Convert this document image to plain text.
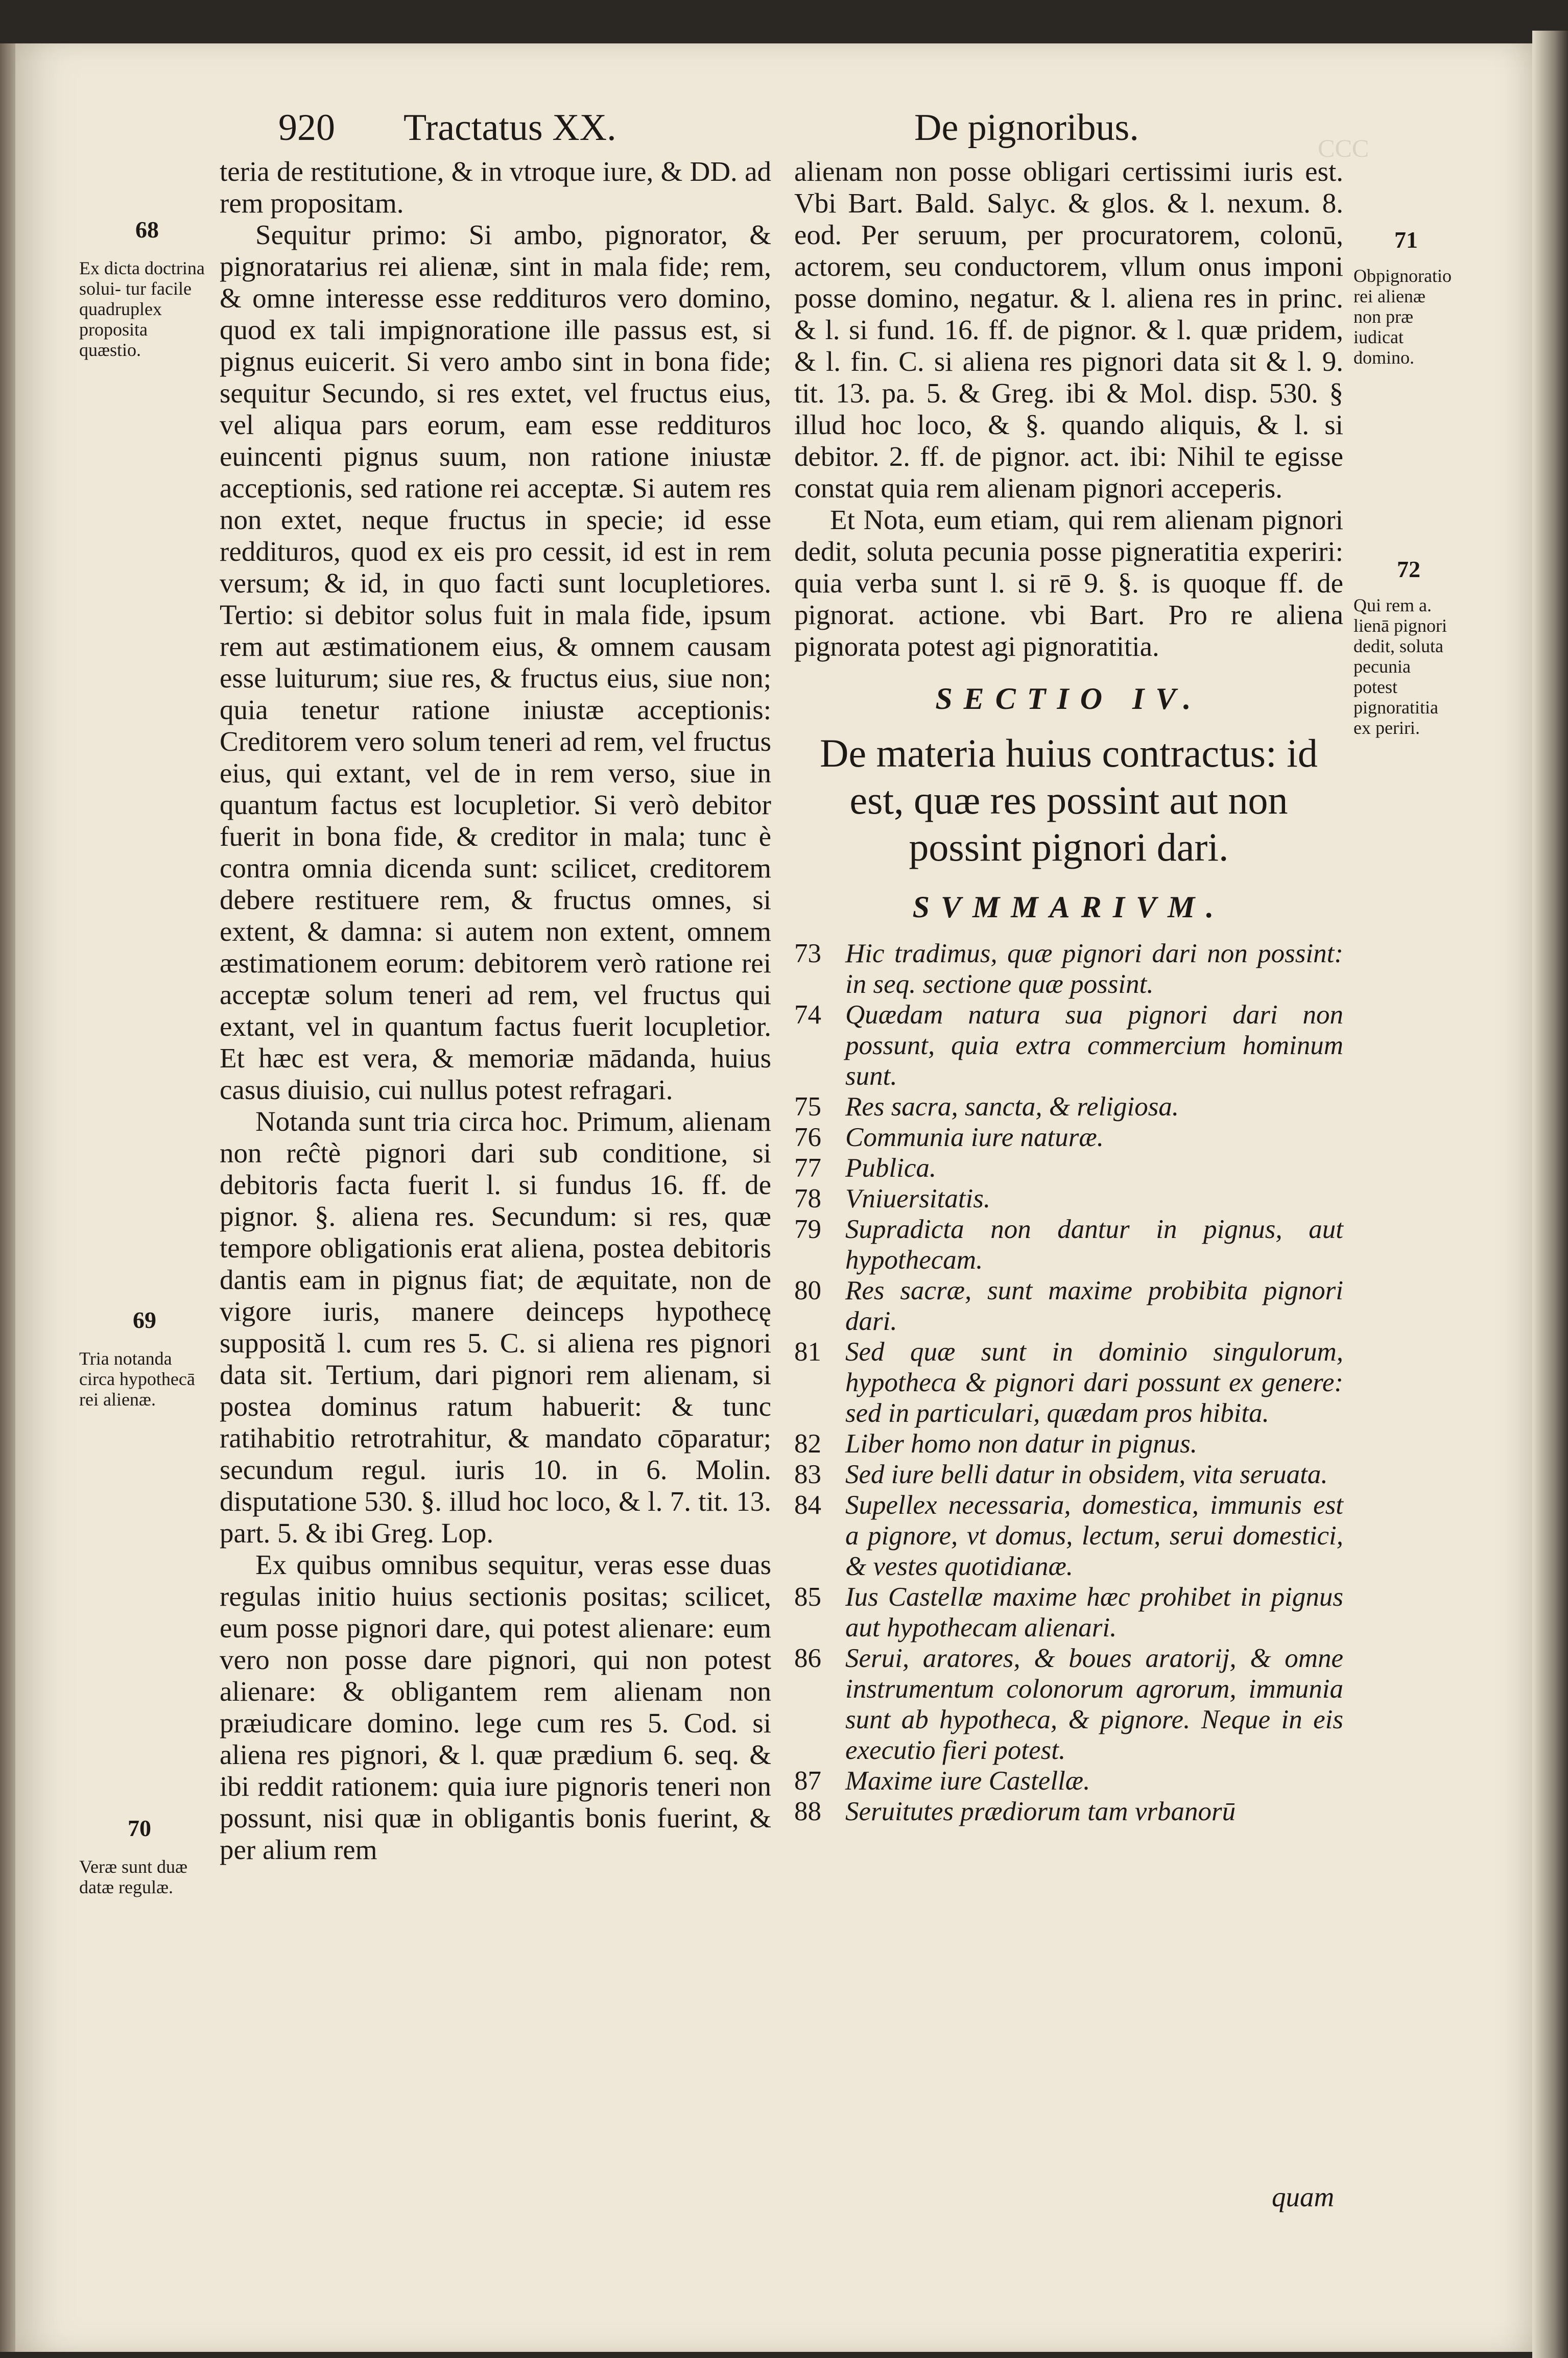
ϹϹϹ
920 Tractatus XX.	De pignoribus.
68
Ex dicta doctrina solui- tur facile quadruplex proposita quæstio.
69
Tria notanda circa hypothecā rei alienæ.
70
Veræ sunt duæ datæ regulæ.

teria de restitutione, & in vtroque iure, & DD. ad rem propositam.

Sequitur primo: Si ambo, pignorator, & pignoratarius rei alienæ, sint in mala fide; rem, & omne interesse esse reddituros vero domino, quod ex tali impignoratione ille passus est, si pignus euicerit. Si vero ambo sint in bona fide; sequitur Secundo, si res extet, vel fructus eius, vel aliqua pars eorum, eam esse reddituros euincenti pignus suum, non ratione iniustæ acceptionis, sed ratione rei acceptæ. Si autem res non extet, neque fructus in specie; id esse reddituros, quod ex eis pro cessit, id est in rem versum; & id, in quo facti sunt locupletiores. Tertio: si debitor solus fuit in mala fide, ipsum rem aut æstimationem eius, & omnem causam esse luiturum; siue res, & fructus eius, siue non; quia tenetur ratione iniustæ acceptionis: Creditorem vero solum teneri ad rem, vel fructus eius, qui extant, vel de in rem verso, siue in quantum factus est locupletior. Si verò debitor fuerit in bona fide, & creditor in mala; tunc è contra omnia dicenda sunt: scilicet, creditorem debere restituere rem, & fructus omnes, si extent, & damna: si autem non extent, omnem æstimationem eorum: debitorem verò ratione rei acceptæ solum teneri ad rem, vel fructus qui extant, vel in quantum factus fuerit locupletior. Et hæc est vera, & memoriæ mādanda, huius casus diuisio, cui nullus potest refragari.

Notanda sunt tria circa hoc. Primum, alienam non reĉtè pignori dari sub conditione, si debitoris facta fuerit l. si fundus 16. ff. de pignor. §. aliena res. Secundum: si res, quæ tempore obligationis erat aliena, postea debitoris dantis eam in pignus fiat; de æquitate, non de vigore iuris, manere deinceps hypothecę supposită l. cum res 5. C. si aliena res pignori data sit. Tertium, dari pignori rem alienam, si postea dominus ratum habuerit: & tunc ratihabitio retrotrahitur, & mandato cōparatur; secundum regul. iuris 10. in 6. Molin. disputatione 530. §. illud hoc loco, & l. 7. tit. 13. part. 5. & ibi Greg. Lop.

Ex quibus omnibus sequitur, veras esse duas regulas initio huius sectionis positas; scilicet, eum posse pignori dare, qui potest alienare: eum vero non posse dare pignori, qui non potest alienare: & obligantem rem alienam non præiudicare domino. lege cum res 5. Cod. si aliena res pignori, & l. quæ prædium 6. seq. & ibi reddit rationem: quia iure pignoris teneri non possunt, nisi quæ in obligantis bonis fuerint, & per alium rem

71
Obpignoratio rei alienæ non præ iudicat domino.
72
Qui rem a. lienā pignori dedit, soluta pecunia potest pignoratitia ex periri.

alienam non posse obligari certissimi iuris est. Vbi Bart. Bald. Salyc. & glos. & l. nexum. 8. eod. Per seruum, per procuratorem, colonū, actorem, seu conductorem, vllum onus imponi posse domino, negatur. & l. aliena res in princ. & l. si fund. 16. ff. de pignor. & l. quæ pridem, & l. fin. C. si aliena res pignori data sit & l. 9. tit. 13. pa. 5. & Greg. ibi & Mol. disp. 530. § illud hoc loco, & §. quando aliquis, & l. si debitor. 2. ff. de pignor. act. ibi: Nihil te egisse constat quia rem alienam pignori acceperis.

Et Nota, eum etiam, qui rem alienam pignori dedit, soluta pecunia posse pigneratitia experiri: quia verba sunt l. si rē 9. §. is quoque ff. de pignorat. actione. vbi Bart. Pro re aliena pignorata potest agi pignoratitia.

SECTIO IV.

De materia huius contractus: id est, quæ res possint aut non possint pignori dari.

SVMMARIVM.

73 Hic tradimus, quæ pignori dari non possint: in seq. sectione quæ possint.
74 Quædam natura sua pignori dari non possunt, quia extra commercium hominum sunt.
75 Res sacra, sancta, & religiosa.
76 Communia iure naturæ.
77 Publica.
78 Vniuersitatis.
79 Supradicta non dantur in pignus, aut hypothecam.
80 Res sacræ, sunt maxime probibita pignori dari.
81 Sed quæ sunt in dominio singulorum, hypotheca & pignori dari possunt ex genere: sed in particulari, quædam pros hibita.
82 Liber homo non datur in pignus.
83 Sed iure belli datur in obsidem, vita seruata.
84 Supellex necessaria, domestica, immunis est a pignore, vt domus, lectum, serui domestici, & vestes quotidianæ.
85 Ius Castellæ maxime hæc prohibet in pignus aut hypothecam alienari.
86 Serui, aratores, & boues aratorij, & omne instrumentum colonorum agrorum, immunia sunt ab hypotheca, & pignore. Neque in eis executio fieri potest.
87 Maxime iure Castellæ.
88 Seruitutes prædiorum tam vrbanorū
quam
